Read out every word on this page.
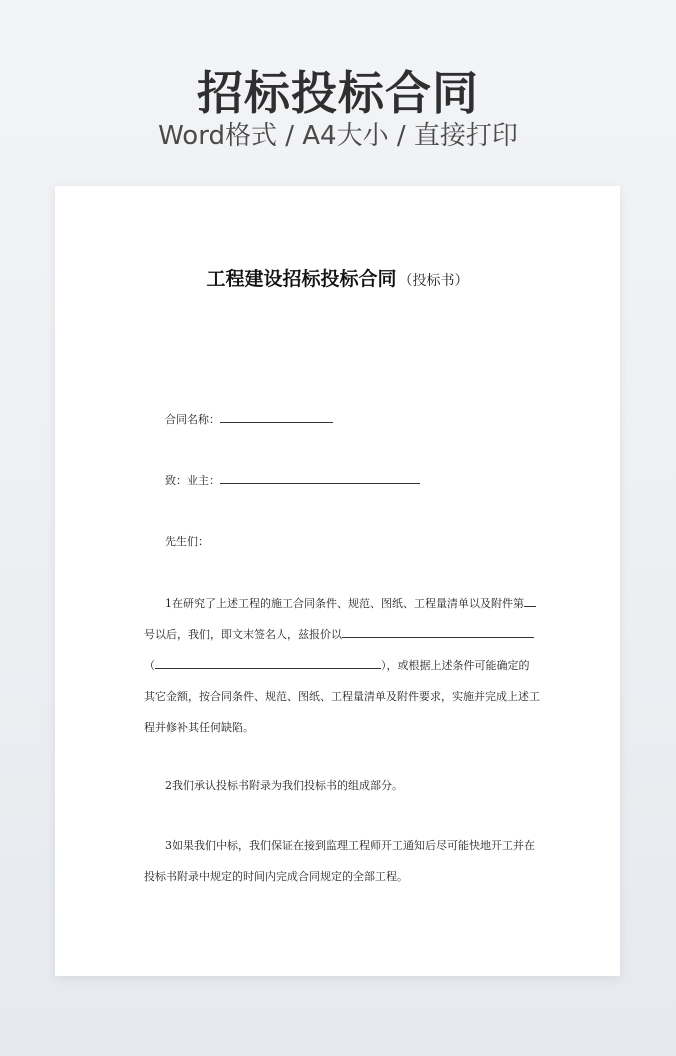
招标投标合同
Word格式 / A4大小 / 直接打印
工程建设招标投标合同 （投标书）
合同名称：
致：业主：
先生们：
1在研究了上述工程的施工合同条件、规范、图纸、工程量清单以及附件第
号以后，我们，即文末签名人，兹报价以
（	），或根据上述条件可能确定的
其它金额，按合同条件、规范、图纸、工程量清单及附件要求，实施并完成上述工
程并修补其任何缺陷。
2我们承认投标书附录为我们投标书的组成部分。
3如果我们中标，我们保证在接到监理工程师开工通知后尽可能快地开工并在
投标书附录中规定的时间内完成合同规定的全部工程。
